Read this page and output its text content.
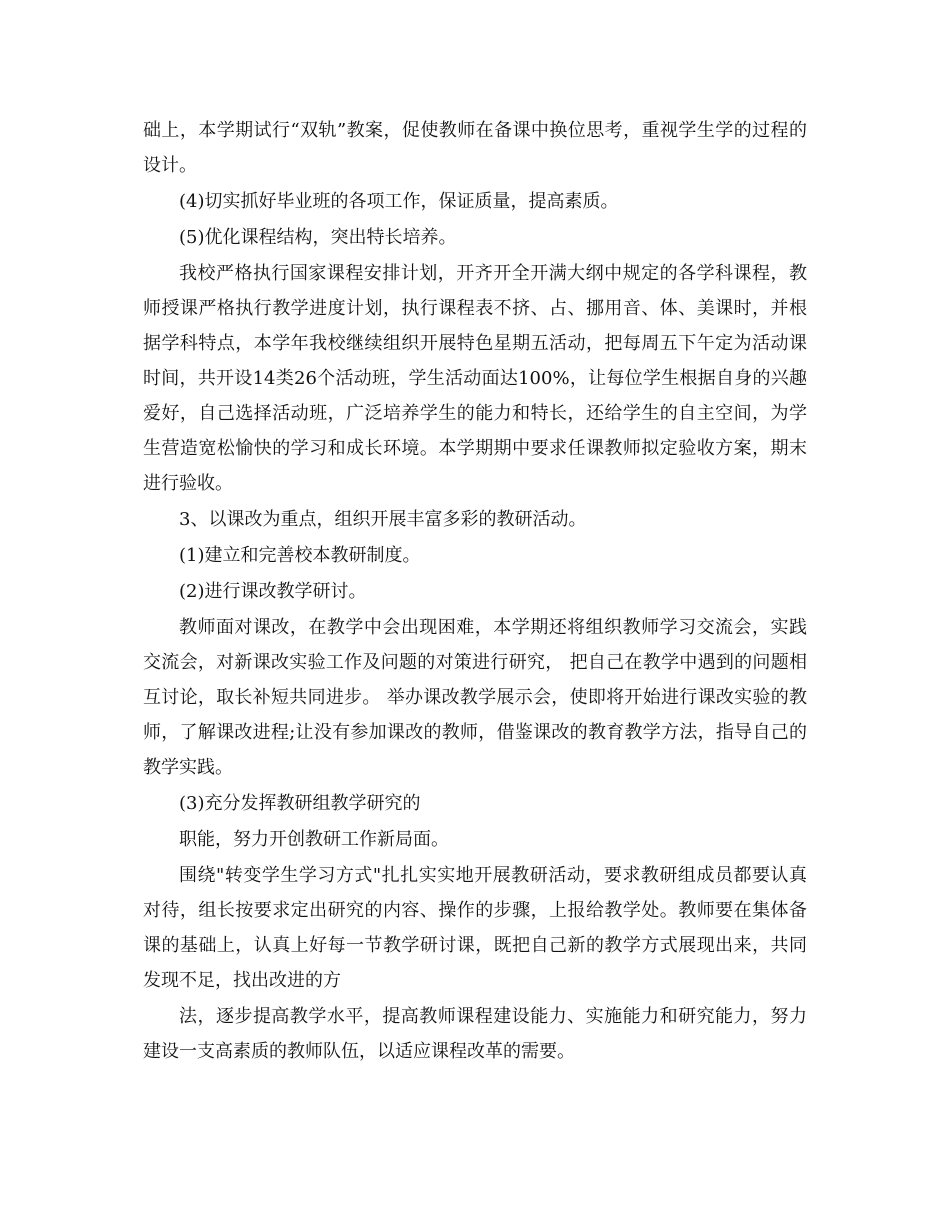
础上，本学期试行“双轨”教案，促使教师在备课中换位思考，重视学生学的过程的设计。

(4)切实抓好毕业班的各项工作，保证质量，提高素质。

(5)优化课程结构，突出特长培养。

我校严格执行国家课程安排计划，开齐开全开满大纲中规定的各学科课程，教师授课严格执行教学进度计划，执行课程表不挤、占、挪用音、体、美课时，并根据学科特点，本学年我校继续组织开展特色星期五活动，把每周五下午定为活动课时间，共开设14类26个活动班，学生活动面达100%，让每位学生根据自身的兴趣爱好，自己选择活动班，广泛培养学生的能力和特长，还给学生的自主空间，为学生营造宽松愉快的学习和成长环境。本学期期中要求任课教师拟定验收方案，期末进行验收。

3、以课改为重点，组织开展丰富多彩的教研活动。

(1)建立和完善校本教研制度。

(2)进行课改教学研讨。

教师面对课改，在教学中会出现困难，本学期还将组织教师学习交流会，实践交流会，对新课改实验工作及问题的对策进行研究， 把自己在教学中遇到的问题相互讨论，取长补短共同进步。 举办课改教学展示会，使即将开始进行课改实验的教师，了解课改进程;让没有参加课改的教师，借鉴课改的教育教学方法，指导自己的教学实践。

(3)充分发挥教研组教学研究的

职能，努力开创教研工作新局面。

围绕"转变学生学习方式"扎扎实实地开展教研活动，要求教研组成员都要认真对待，组长按要求定出研究的内容、操作的步骤，上报给教学处。教师要在集体备课的基础上，认真上好每一节教学研讨课，既把自己新的教学方式展现出来，共同发现不足，找出改进的方

法，逐步提高教学水平，提高教师课程建设能力、实施能力和研究能力，努力建设一支高素质的教师队伍，以适应课程改革的需要。
